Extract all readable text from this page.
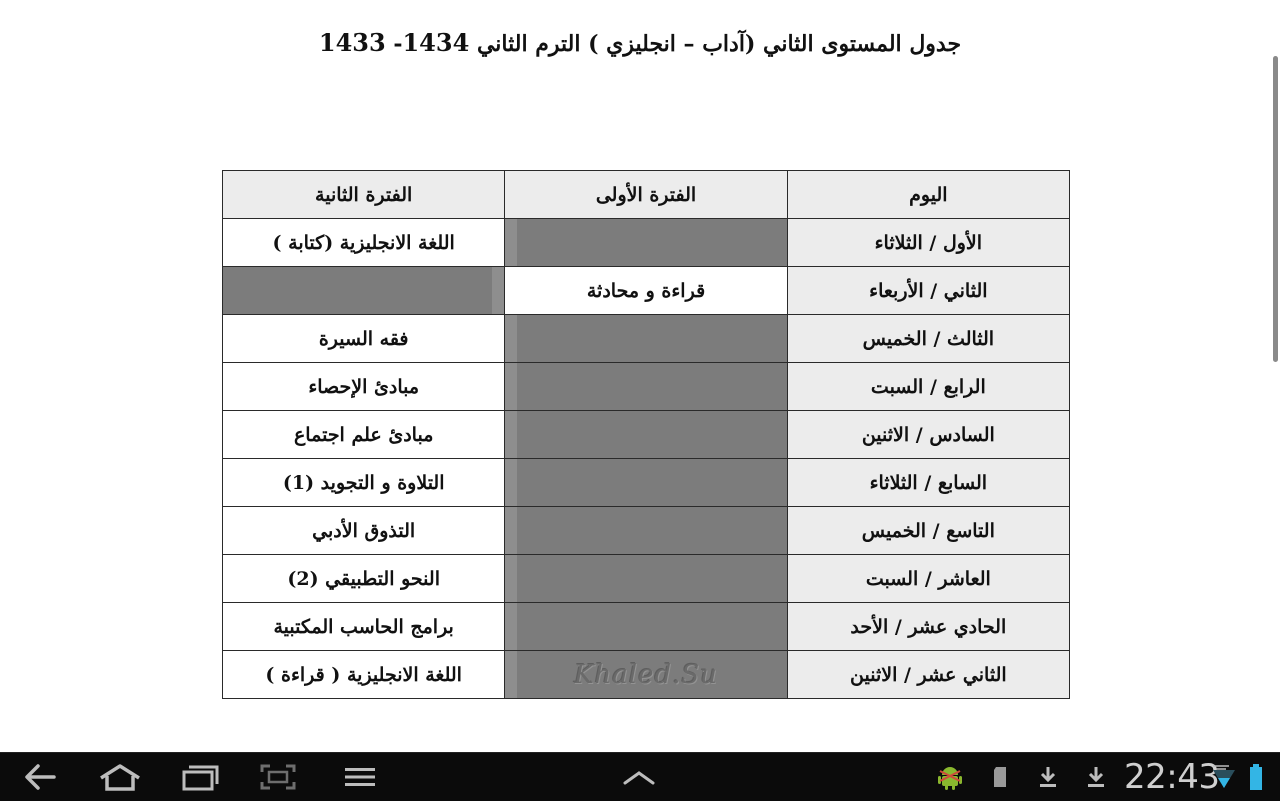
جدول المستوى الثاني (آداب – انجليزي ) الترم الثاني 1434- 1433
اليوم	الفترة الأولى	الفترة الثانية
الأول / الثلاثاء		اللغة الانجليزية (كتابة )
الثاني / الأربعاء	قراءة و محادثة	

الثالث / الخميس		فقه السيرة
الرابع / السبت		مبادئ الإحصاء
السادس / الاثنين		مبادئ علم اجتماع
السابع / الثلاثاء		التلاوة و التجويد (1)
التاسع / الخميس		التذوق الأدبي
العاشر / السبت		النحو التطبيقي (2)
الحادي عشر / الأحد		برامج الحاسب المكتبية
الثاني عشر / الاثنين	Khaled.Su	اللغة الانجليزية ( قراءة )
22:43
